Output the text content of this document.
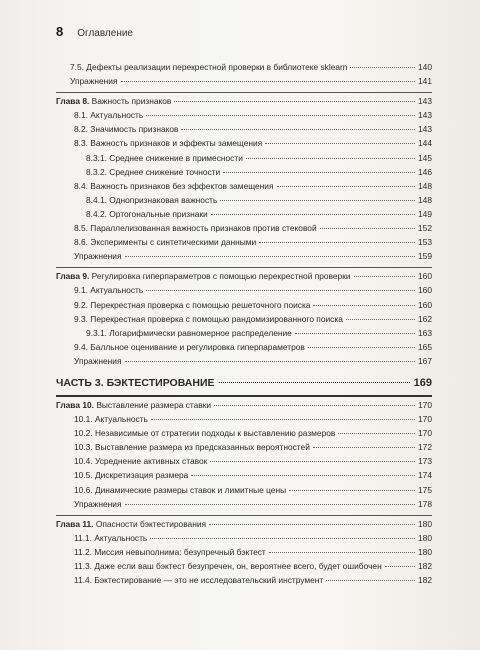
8 Оглавление
7.5. Дефекты реализации перекрестной проверки в библиотеке sklearn	140
Упражнения	141
Глава 8. Важность признаков	143
8.1. Актуальность	143
8.2. Значимость признаков	143
8.3. Важность признаков и эффекты замещения	144
8.3.1. Среднее снижение в примесности	145
8.3.2. Среднее снижение точности	146
8.4. Важность признаков без эффектов замещения	148
8.4.1. Однопризнаковая важность	148
8.4.2. Ортогональные признаки	149
8.5. Параллелизованная важность признаков против стековой	152
8.6. Эксперименты с синтетическими данными	153
Упражнения	159
Глава 9. Регулировка гиперпараметров с помощью перекрестной проверки	160
9.1. Актуальность	160
9.2. Перекрестная проверка с помощью решеточного поиска	160
9.3. Перекрестная проверка с помощью рандомизированного поиска	162
9.3.1. Логарифмически равномерное распределение	163
9.4. Балльное оценивание и регулировка гиперпараметров	165
Упражнения	167
ЧАСТЬ 3. БЭКТЕСТИРОВАНИЕ	169
Глава 10. Выставление размера ставки	170
10.1. Актуальность	170
10.2. Независимые от стратегии подходы к выставлению размеров	170
10.3. Выставление размера из предсказанных вероятностей	172
10.4. Усреднение активных ставок	173
10.5. Дискретизация размера	174
10.6. Динамические размеры ставок и лимитные цены	175
Упражнения	178
Глава 11. Опасности бэктестирования	180
11.1. Актуальность	180
11.2. Миссия невыполнима: безупречный бэктест	180
11.3. Даже если ваш бэктест безупречен, он, вероятнее всего, будет ошибочен	182
11.4. Бэктестирование — это не исследовательский инструмент	182
